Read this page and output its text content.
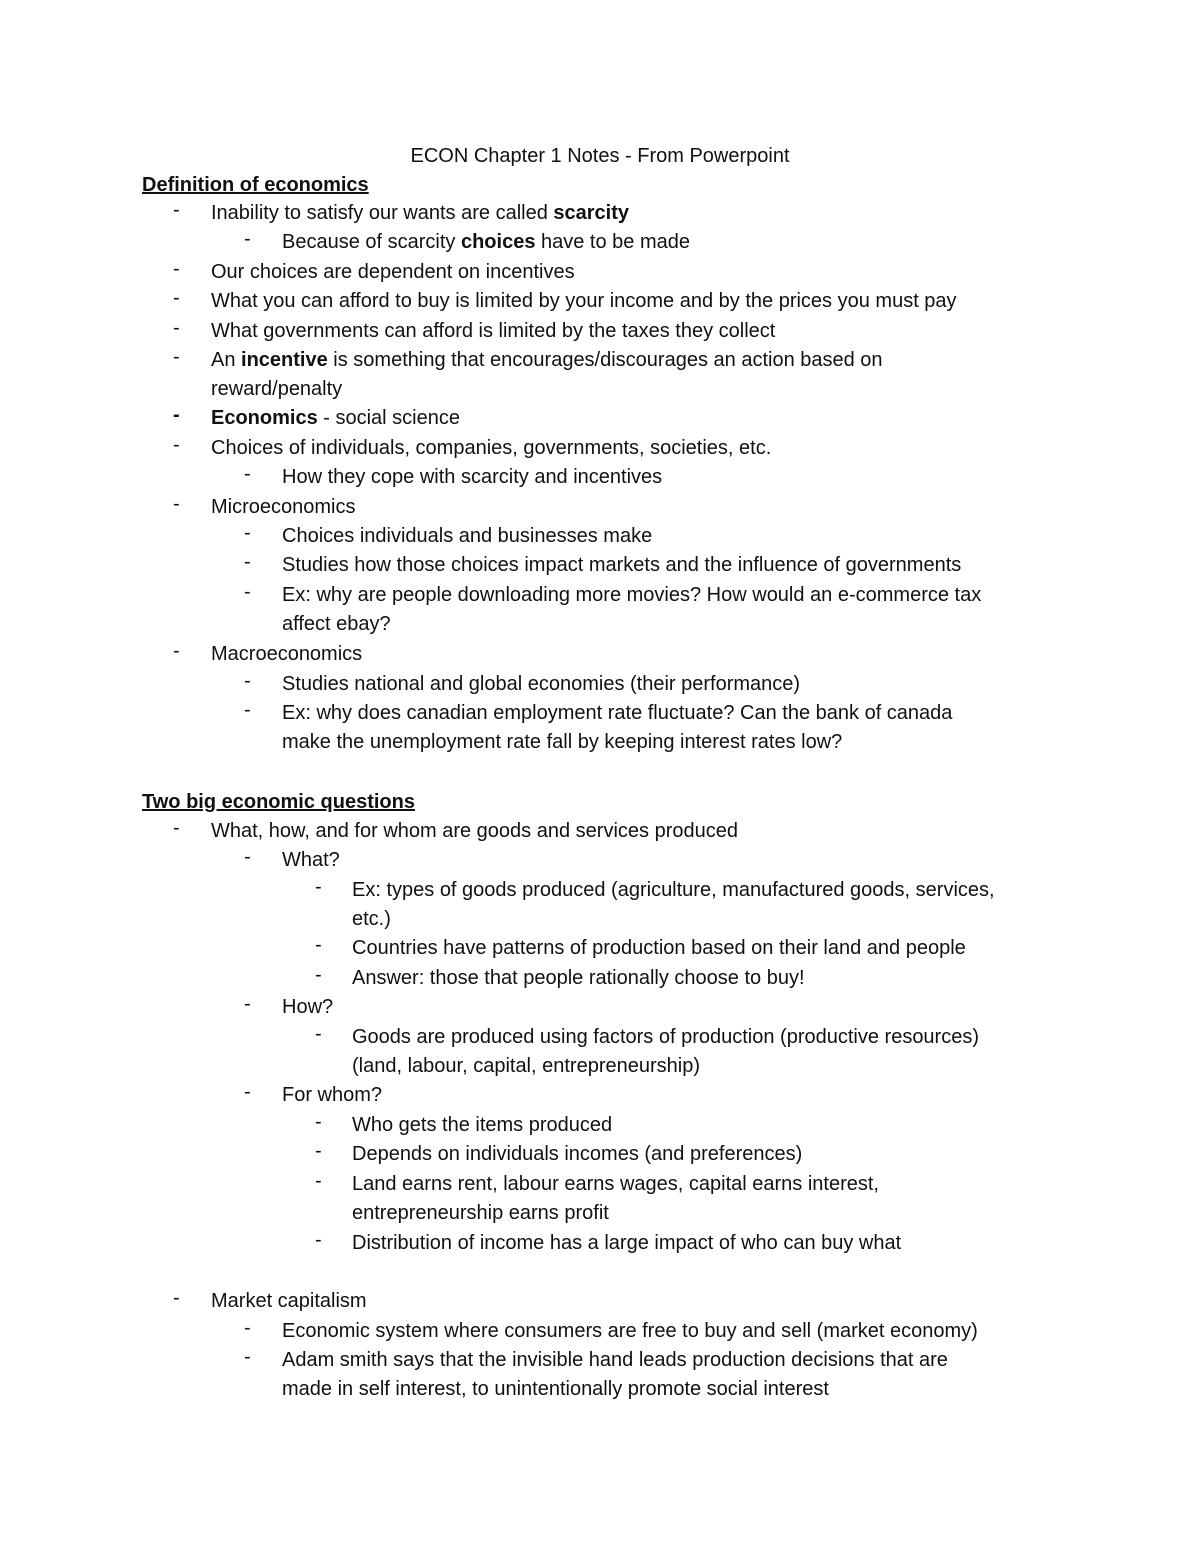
ECON Chapter 1 Notes - From Powerpoint
Definition of economics
-	Inability to satisfy our wants are called scarcity
-	Because of scarcity choices have to be made
-	Our choices are dependent on incentives
-	What you can afford to buy is limited by your income and by the prices you must pay
-	What governments can afford is limited by the taxes they collect
-	An incentive is something that encourages/discourages an action based on
reward/penalty
-	Economics - social science
-	Choices of individuals, companies, governments, societies, etc.
-	How they cope with scarcity and incentives
-	Microeconomics
-	Choices individuals and businesses make
-	Studies how those choices impact markets and the influence of governments
-	Ex: why are people downloading more movies? How would an e-commerce tax
affect ebay?
-	Macroeconomics
-	Studies national and global economies (their performance)
-	Ex: why does canadian employment rate fluctuate? Can the bank of canada
make the unemployment rate fall by keeping interest rates low?
Two big economic questions
-	What, how, and for whom are goods and services produced
-	What?
-	Ex: types of goods produced (agriculture, manufactured goods, services,
etc.)
-	Countries have patterns of production based on their land and people
-	Answer: those that people rationally choose to buy!
-	How?
-	Goods are produced using factors of production (productive resources)
(land, labour, capital, entrepreneurship)
-	For whom?
-	Who gets the items produced
-	Depends on individuals incomes (and preferences)
-	Land earns rent, labour earns wages, capital earns interest,
entrepreneurship earns profit
-	Distribution of income has a large impact of who can buy what
-	Market capitalism
-	Economic system where consumers are free to buy and sell (market economy)
-	Adam smith says that the invisible hand leads production decisions that are
made in self interest, to unintentionally promote social interest
